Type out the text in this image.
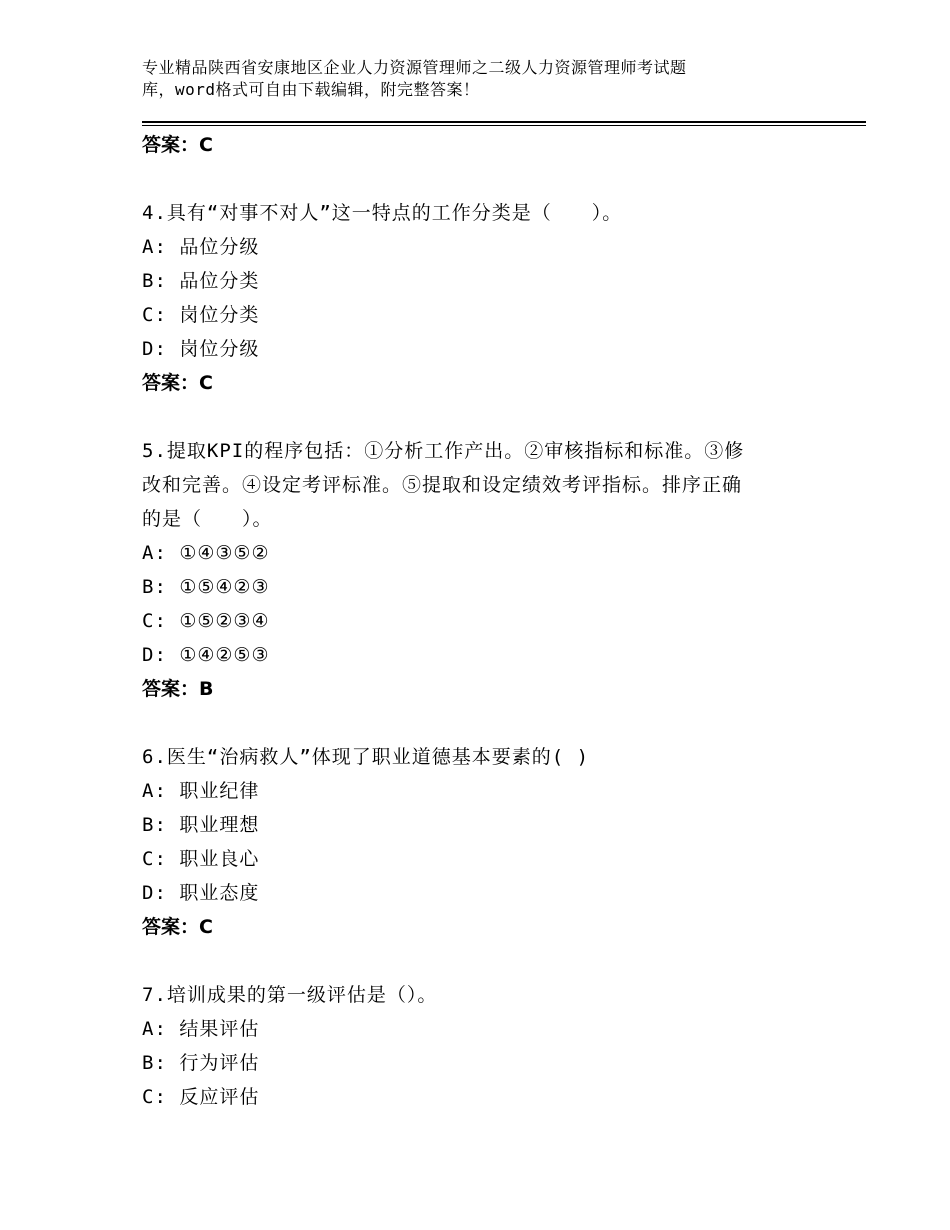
专业精品陕西省安康地区企业人力资源管理师之二级人力资源管理师考试题
库，word格式可自由下载编辑，附完整答案！
答案：C
4.具有“对事不对人”这一特点的工作分类是（　　）。
A: 品位分级
B: 品位分类
C: 岗位分类
D: 岗位分级
答案：C
5.提取KPI的程序包括：①分析工作产出。②审核指标和标准。③修
改和完善。④设定考评标准。⑤提取和设定绩效考评指标。排序正确
的是（　　）。
A: ①④③⑤②
B: ①⑤④②③
C: ①⑤②③④
D: ①④②⑤③
答案：B
6.医生“治病救人”体现了职业道德基本要素的( )
A: 职业纪律
B: 职业理想
C: 职业良心
D: 职业态度
答案：C
7.培训成果的第一级评估是（）。
A: 结果评估
B: 行为评估
C: 反应评估
